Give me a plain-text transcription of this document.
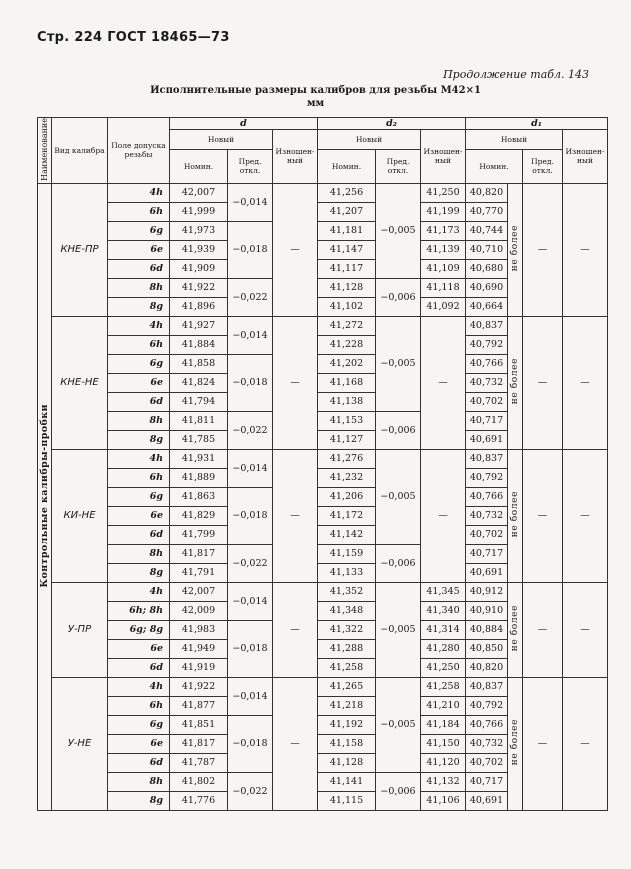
Стр. 224 ГОСТ 18465—73
Продолжение табл. 143
Исполнительные размеры калибров для резьбы М42×1
мм
Наименование	Вид калибра	Поле допуска резьбы	d			d₂			d₁			
			Новый		Изношен-ный	Новый		Изношен-ный	Новый			Изношен-ный
			Номин.	Пред. откл.		Номин.	Пред. откл.		Номин.		Пред. откл.	
Контрольные калибры-пробки	КНЕ-ПР	4h	42,007	−0,014	—	41,256	−0,005	41,250	40,820	не более	—	—
		6h	41,999			41,207		41,199	40,770			
		6g	41,973	−0,018		41,181		41,173	40,744			
		6e	41,939			41,147		41,139	40,710			
		6d	41,909			41,117		41,109	40,680			
		8h	41,922	−0,022		41,128	−0,006	41,118	40,690			
		8g	41,896			41,102		41,092	40,664			
	КНЕ-НЕ	4h	41,927	−0,014	—	41,272	−0,005	—	40,837	не более	—	—
		6h	41,884			41,228			40,792			
		6g	41,858	−0,018		41,202			40,766			
		6e	41,824			41,168			40,732			
		6d	41,794			41,138			40,702			
		8h	41,811	−0,022		41,153	−0,006		40,717			
		8g	41,785			41,127			40,691			
	КИ-НЕ	4h	41,931	−0,014	—	41,276	−0,005	—	40,837	не более	—	—
		6h	41,889			41,232			40,792			
		6g	41,863	−0,018		41,206			40,766			
		6e	41,829			41,172			40,732			
		6d	41,799			41,142			40,702			
		8h	41,817	−0,022		41,159	−0,006		40,717			
		8g	41,791			41,133			40,691			
	У-ПР	4h	42,007	−0,014	—	41,352	−0,005	41,345	40,912	не более	—	—
		6h; 8h	42,009			41,348		41,340	40,910			
		6g; 8g	41,983	−0,018		41,322		41,314	40,884			
		6e	41,949			41,288		41,280	40,850			
		6d	41,919			41,258		41,250	40,820			
	У-НЕ	4h	41,922	−0,014	—	41,265	−0,005	41,258	40,837	не более	—	—
		6h	41,877			41,218		41,210	40,792			
		6g	41,851	−0,018		41,192		41,184	40,766			
		6e	41,817			41,158		41,150	40,732			
		6d	41,787			41,128		41,120	40,702			
		8h	41,802	−0,022		41,141	−0,006	41,132	40,717			
		8g	41,776			41,115		41,106	40,691			
